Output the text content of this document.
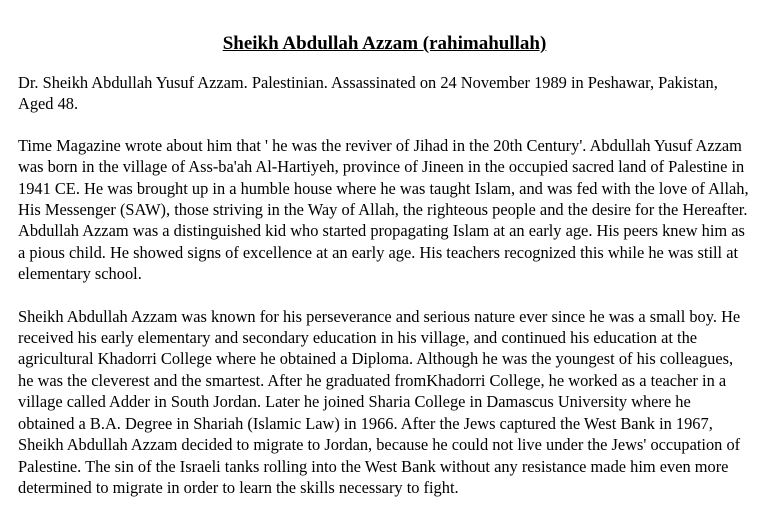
Sheikh Abdullah Azzam (rahimahullah)

Dr. Sheikh Abdullah Yusuf Azzam. Palestinian. Assassinated on 24 November 1989 in Peshawar, Pakistan, Aged 48.

Time Magazine wrote about him that ' he was the reviver of Jihad in the 20th Century'. Abdullah Yusuf Azzam was born in the village of Ass-ba'ah Al-Hartiyeh, province of Jineen in the occupied sacred land of Palestine in 1941 CE. He was brought up in a humble house where he was taught Islam, and was fed with the love of Allah, His Messenger (SAW), those striving in the Way of Allah, the righteous people and the desire for the Hereafter. Abdullah Azzam was a distinguished kid who started propagating Islam at an early age. His peers knew him as a pious child. He showed signs of excellence at an early age. His teachers recognized this while he was still at elementary school.

Sheikh Abdullah Azzam was known for his perseverance and serious nature ever since he was a small boy. He received his early elementary and secondary education in his village, and continued his education at the agricultural Khadorri College where he obtained a Diploma. Although he was the youngest of his colleagues, he was the cleverest and the smartest. After he graduated fromKhadorri College, he worked as a teacher in a village called Adder in South Jordan. Later he joined Sharia College in Damascus University where he obtained a B.A. Degree in Shariah (Islamic Law) in 1966. After the Jews captured the West Bank in 1967, Sheikh Abdullah Azzam decided to migrate to Jordan, because he could not live under the Jews' occupation of Palestine. The sin of the Israeli tanks rolling into the West Bank without any resistance made him even more determined to migrate in order to learn the skills necessary to fight.
